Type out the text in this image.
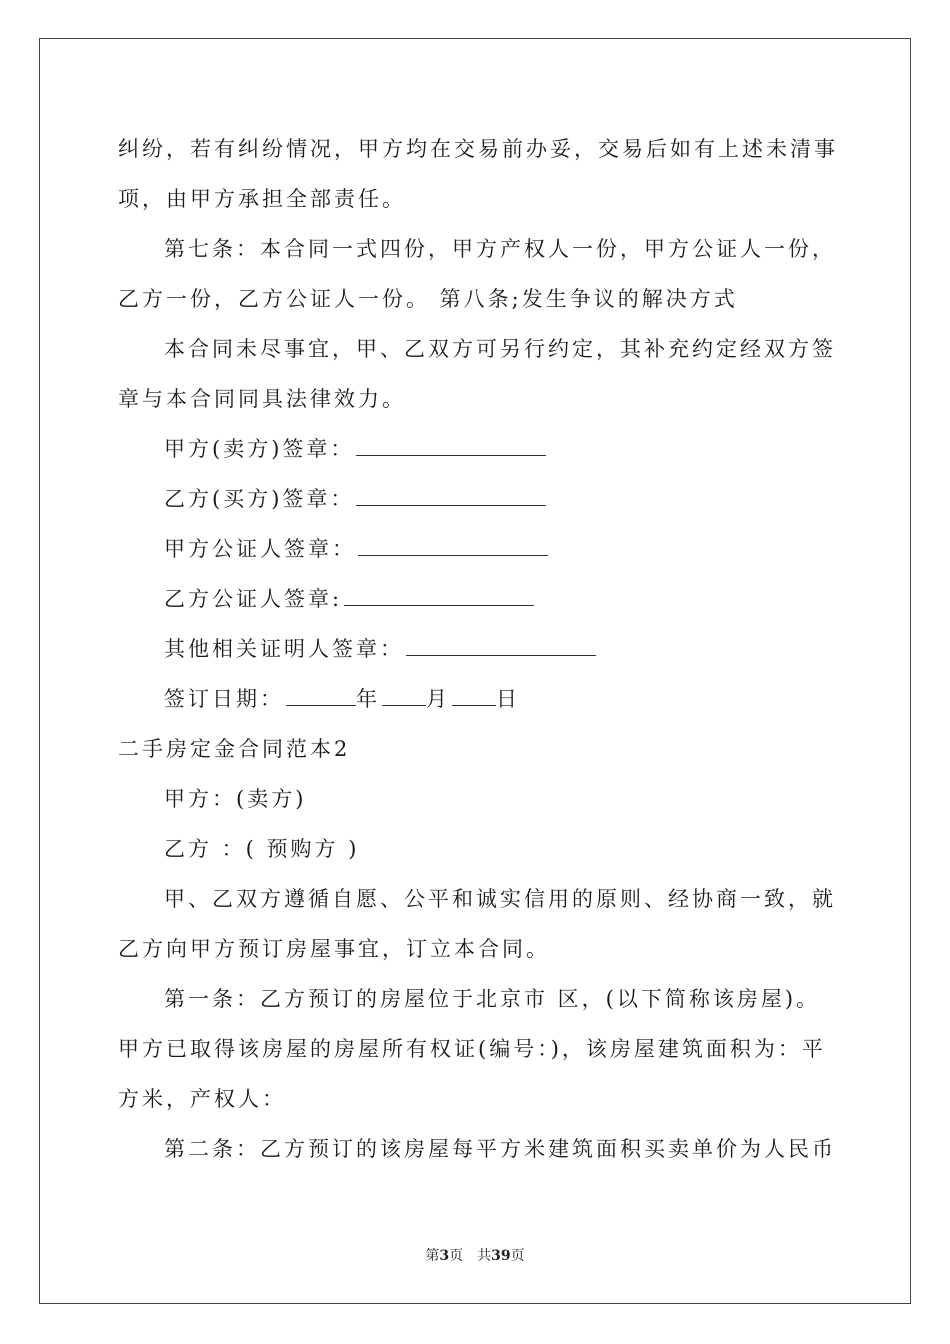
纠纷，若有纠纷情况，甲方均在交易前办妥，交易后如有上述未清事
项，由甲方承担全部责任。
第七条：本合同一式四份，甲方产权人一份，甲方公证人一份，
乙方一份，乙方公证人一份。 第八条;发生争议的解决方式
本合同未尽事宜，甲、乙双方可另行约定，其补充约定经双方签
章与本合同同具法律效力。
甲方(卖方)签章：
乙方(买方)签章：
甲方公证人签章：
乙方公证人签章:
其他相关证明人签章：
签订日期：	年 月 日
二手房定金合同范本2
甲方：(卖方)
乙方 ：( 预购方 )
甲、乙双方遵循自愿、公平和诚实信用的原则、经协商一致，就
乙方向甲方预订房屋事宜，订立本合同。
第一条：乙方预订的房屋位于北京市 区，(以下简称该房屋)。
甲方已取得该房屋的房屋所有权证(编号：)，该房屋建筑面积为：平
方米，产权人：
第二条：乙方预订的该房屋每平方米建筑面积买卖单价为人民币
第3页　共39页
